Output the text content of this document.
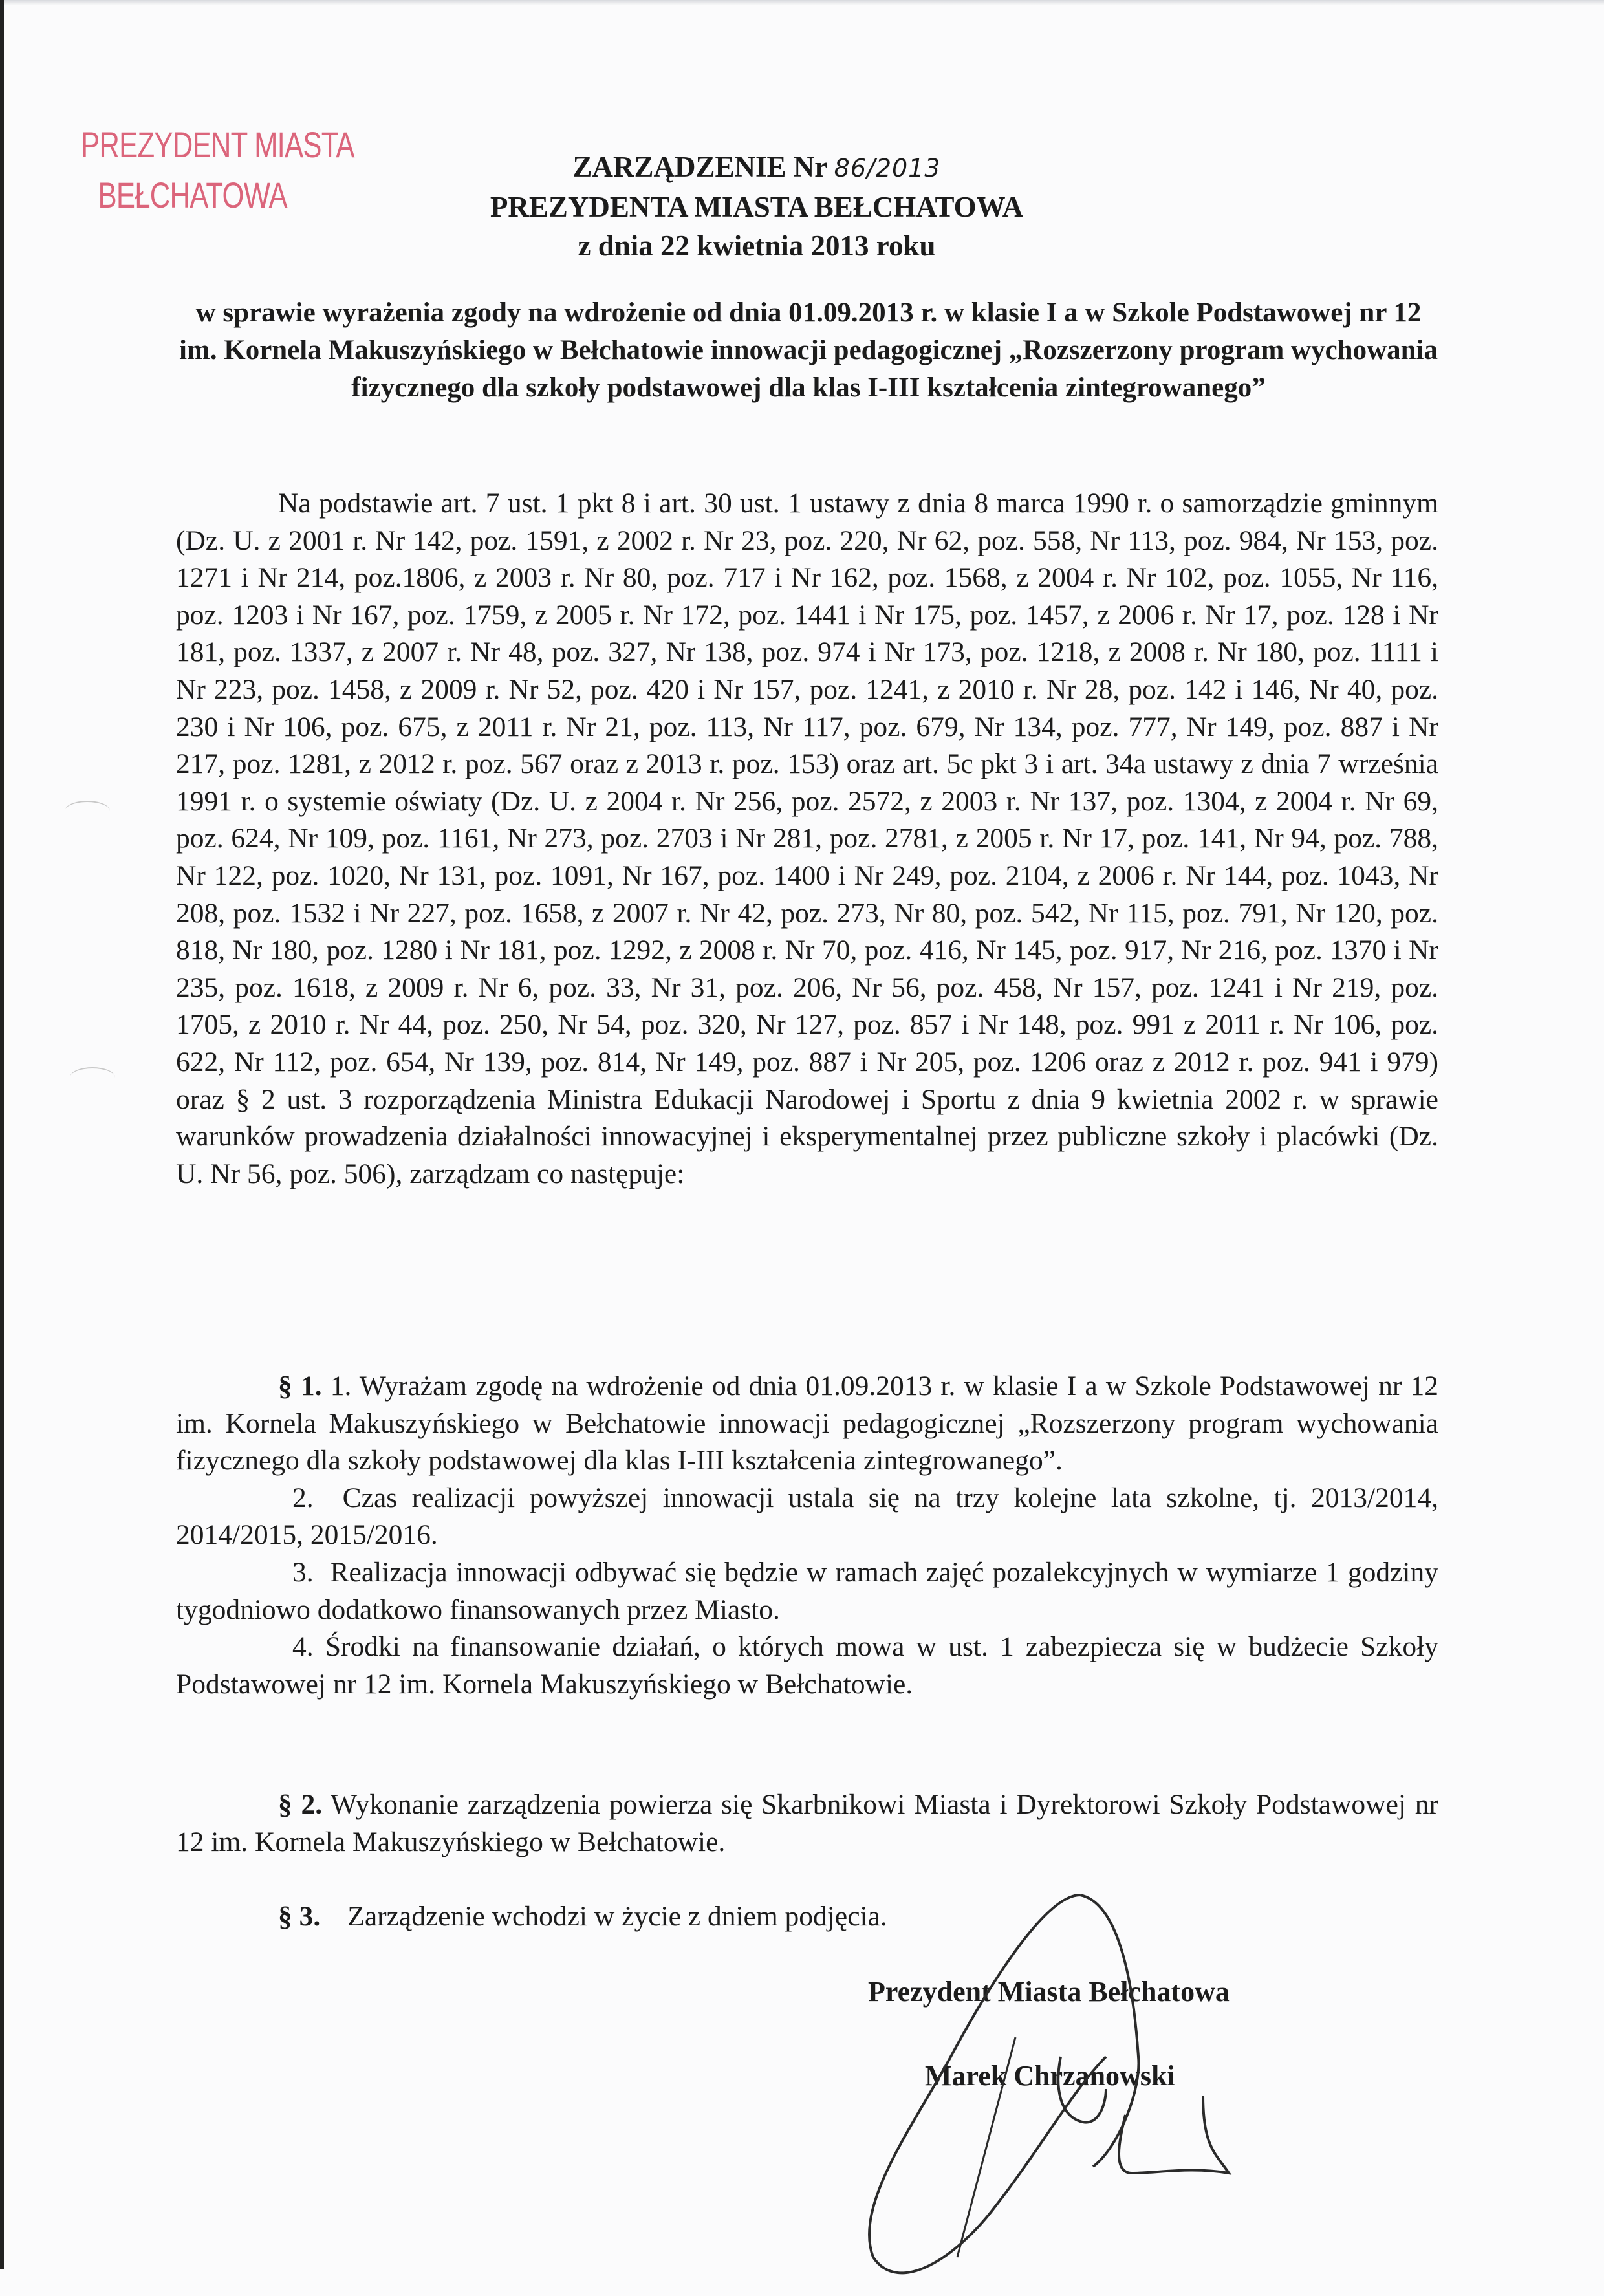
PREZYDENT MIASTA
BEŁCHATOWA
ZARZĄDZENIE Nr 86/2013
PREZYDENTA MIASTA BEŁCHATOWA
z dnia 22 kwietnia 2013 roku
w sprawie wyrażenia zgody na wdrożenie od dnia 01.09.2013 r. w klasie I a w Szkole Podstawowej nr 12 im. Kornela Makuszyńskiego w Bełchatowie innowacji pedagogicznej „Rozszerzony program wychowania fizycznego dla szkoły podstawowej dla klas I-III kształcenia zintegrowanego”
Na podstawie art. 7 ust. 1 pkt 8 i art. 30 ust. 1 ustawy z dnia 8 marca 1990 r. o samorządzie gminnym (Dz. U. z 2001 r. Nr 142, poz. 1591, z 2002 r. Nr 23, poz. 220, Nr 62, poz. 558, Nr 113, poz. 984, Nr 153, poz. 1271 i Nr 214, poz.1806, z 2003 r. Nr 80, poz. 717 i Nr 162, poz. 1568, z 2004 r. Nr 102, poz. 1055, Nr 116, poz. 1203 i Nr 167, poz. 1759, z 2005 r. Nr 172, poz. 1441 i Nr 175, poz. 1457, z 2006 r. Nr 17, poz. 128 i Nr 181, poz. 1337, z 2007 r. Nr 48, poz. 327, Nr 138, poz. 974 i Nr 173, poz. 1218, z 2008 r. Nr 180, poz. 1111 i Nr 223, poz. 1458, z 2009 r. Nr 52, poz. 420 i Nr 157, poz. 1241, z 2010 r. Nr 28, poz. 142 i 146, Nr 40, poz. 230 i Nr 106, poz. 675, z 2011 r. Nr 21, poz. 113, Nr 117, poz. 679, Nr 134, poz. 777, Nr 149, poz. 887 i Nr 217, poz. 1281, z 2012 r. poz. 567 oraz z 2013 r. poz. 153) oraz art. 5c pkt 3 i art. 34a ustawy z dnia 7 września 1991 r. o systemie oświaty (Dz. U. z 2004 r. Nr 256, poz. 2572, z 2003 r. Nr 137, poz. 1304, z 2004 r. Nr 69, poz. 624, Nr 109, poz. 1161, Nr 273, poz. 2703 i Nr 281, poz. 2781, z 2005 r. Nr 17, poz. 141, Nr 94, poz. 788, Nr 122, poz. 1020, Nr 131, poz. 1091, Nr 167, poz. 1400 i Nr 249, poz. 2104, z 2006 r. Nr 144, poz. 1043, Nr 208, poz. 1532 i Nr 227, poz. 1658, z 2007 r. Nr 42, poz. 273, Nr 80, poz. 542, Nr 115, poz. 791, Nr 120, poz. 818, Nr 180, poz. 1280 i Nr 181, poz. 1292, z 2008 r. Nr 70, poz. 416, Nr 145, poz. 917, Nr 216, poz. 1370 i Nr 235, poz. 1618, z 2009 r. Nr 6, poz. 33, Nr 31, poz. 206, Nr 56, poz. 458, Nr 157, poz. 1241 i Nr 219, poz. 1705, z 2010 r. Nr 44, poz. 250, Nr 54, poz. 320, Nr 127, poz. 857 i Nr 148, poz. 991 z 2011 r. Nr 106, poz. 622, Nr 112, poz. 654, Nr 139, poz. 814, Nr 149, poz. 887 i Nr 205, poz. 1206 oraz z 2012 r. poz. 941 i 979) oraz § 2 ust. 3 rozporządzenia Ministra Edukacji Narodowej i Sportu z dnia 9 kwietnia 2002 r. w sprawie warunków prowadzenia działalności innowacyjnej i eksperymentalnej przez publiczne szkoły i placówki (Dz. U. Nr 56, poz. 506), zarządzam co następuje:

§ 1. 1. Wyrażam zgodę na wdrożenie od dnia 01.09.2013 r. w klasie I a w Szkole Podstawowej nr 12 im. Kornela Makuszyńskiego w Bełchatowie innowacji pedagogicznej „Rozszerzony program wychowania fizycznego dla szkoły podstawowej dla klas I-III kształcenia zintegrowanego”.

2. Czas realizacji powyższej innowacji ustala się na trzy kolejne lata szkolne, tj. 2013/2014, 2014/2015, 2015/2016.

3. Realizacja innowacji odbywać się będzie w ramach zajęć pozalekcyjnych w wymiarze 1 godziny tygodniowo dodatkowo finansowanych przez Miasto.

4. Środki na finansowanie działań, o których mowa w ust. 1 zabezpiecza się w budżecie Szkoły Podstawowej nr 12 im. Kornela Makuszyńskiego w Bełchatowie.

§ 2. Wykonanie zarządzenia powierza się Skarbnikowi Miasta i Dyrektorowi Szkoły Podstawowej nr 12 im. Kornela Makuszyńskiego w Bełchatowie.

§ 3. Zarządzenie wchodzi w życie z dniem podjęcia.

Prezydent Miasta Bełchatowa
Marek Chrzanowski
